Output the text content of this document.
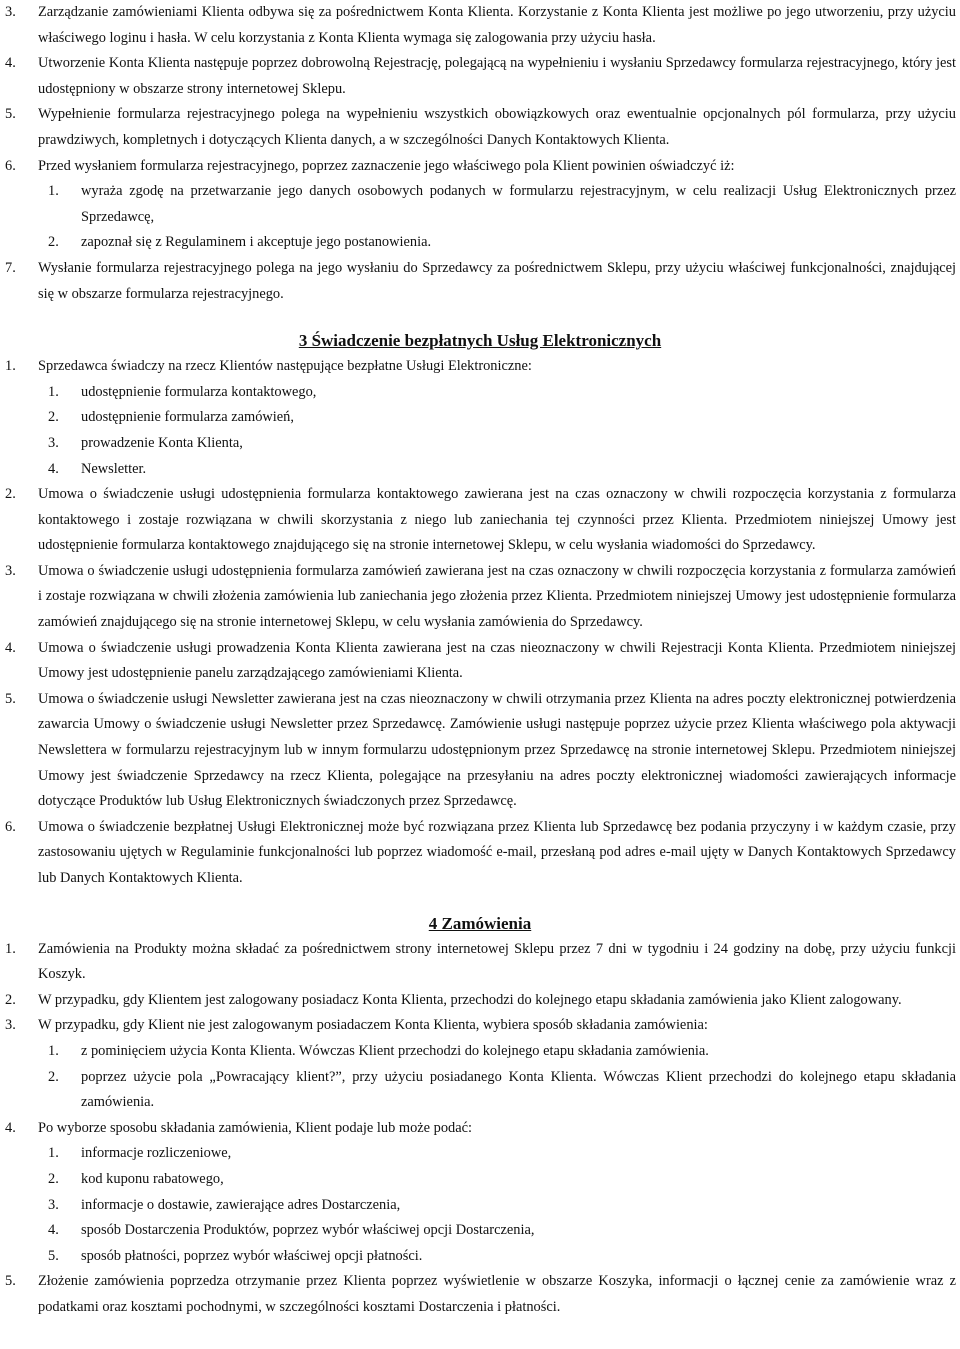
3. Zarządzanie zamówieniami Klienta odbywa się za pośrednictwem Konta Klienta. Korzystanie z Konta Klienta jest możliwe po jego utworzeniu, przy użyciu właściwego loginu i hasła. W celu korzystania z Konta Klienta wymaga się zalogowania przy użyciu hasła.
4. Utworzenie Konta Klienta następuje poprzez dobrowolną Rejestrację, polegającą na wypełnieniu i wysłaniu Sprzedawcy formularza rejestracyjnego, który jest udostępniony w obszarze strony internetowej Sklepu.
5. Wypełnienie formularza rejestracyjnego polega na wypełnieniu wszystkich obowiązkowych oraz ewentualnie opcjonalnych pól formularza, przy użyciu prawdziwych, kompletnych i dotyczących Klienta danych, a w szczególności Danych Kontaktowych Klienta.
6. Przed wysłaniem formularza rejestracyjnego, poprzez zaznaczenie jego właściwego pola Klient powinien oświadczyć iż:
1. wyraża zgodę na przetwarzanie jego danych osobowych podanych w formularzu rejestracyjnym, w celu realizacji Usług Elektronicznych przez Sprzedawcę,
2. zapoznał się z Regulaminem i akceptuje jego postanowienia.
7. Wysłanie formularza rejestracyjnego polega na jego wysłaniu do Sprzedawcy za pośrednictwem Sklepu, przy użyciu właściwej funkcjonalności, znajdującej się w obszarze formularza rejestracyjnego.
3 Świadczenie bezpłatnych Usług Elektronicznych
1. Sprzedawca świadczy na rzecz Klientów następujące bezpłatne Usługi Elektroniczne:
1. udostępnienie formularza kontaktowego,
2. udostępnienie formularza zamówień,
3. prowadzenie Konta Klienta,
4. Newsletter.
2. Umowa o świadczenie usługi udostępnienia formularza kontaktowego zawierana jest na czas oznaczony w chwili rozpoczęcia korzystania z formularza kontaktowego i zostaje rozwiązana w chwili skorzystania z niego lub zaniechania tej czynności przez Klienta. Przedmiotem niniejszej Umowy jest udostępnienie formularza kontaktowego znajdującego się na stronie internetowej Sklepu, w celu wysłania wiadomości do Sprzedawcy.
3. Umowa o świadczenie usługi udostępnienia formularza zamówień zawierana jest na czas oznaczony w chwili rozpoczęcia korzystania z formularza zamówień i zostaje rozwiązana w chwili złożenia zamówienia lub zaniechania jego złożenia przez Klienta. Przedmiotem niniejszej Umowy jest udostępnienie formularza zamówień znajdującego się na stronie internetowej Sklepu, w celu wysłania zamówienia do Sprzedawcy.
4. Umowa o świadczenie usługi prowadzenia Konta Klienta zawierana jest na czas nieoznaczony w chwili Rejestracji Konta Klienta. Przedmiotem niniejszej Umowy jest udostępnienie panelu zarządzającego zamówieniami Klienta.
5. Umowa o świadczenie usługi Newsletter zawierana jest na czas nieoznaczony w chwili otrzymania przez Klienta na adres poczty elektronicznej potwierdzenia zawarcia Umowy o świadczenie usługi Newsletter przez Sprzedawcę. Zamówienie usługi następuje poprzez użycie przez Klienta właściwego pola aktywacji Newslettera w formularzu rejestracyjnym lub w innym formularzu udostępnionym przez Sprzedawcę na stronie internetowej Sklepu. Przedmiotem niniejszej Umowy jest świadczenie Sprzedawcy na rzecz Klienta, polegające na przesyłaniu na adres poczty elektronicznej wiadomości zawierających informacje dotyczące Produktów lub Usług Elektronicznych świadczonych przez Sprzedawcę.
6. Umowa o świadczenie bezpłatnej Usługi Elektronicznej może być rozwiązana przez Klienta lub Sprzedawcę bez podania przyczyny i w każdym czasie, przy zastosowaniu ujętych w Regulaminie funkcjonalności lub poprzez wiadomość e-mail, przesłaną pod adres e-mail ujęty w Danych Kontaktowych Sprzedawcy lub Danych Kontaktowych Klienta.
4 Zamówienia
1. Zamówienia na Produkty można składać za pośrednictwem strony internetowej Sklepu przez 7 dni w tygodniu i 24 godziny na dobę, przy użyciu funkcji Koszyk.
2. W przypadku, gdy Klientem jest zalogowany posiadacz Konta Klienta, przechodzi do kolejnego etapu składania zamówienia jako Klient zalogowany.
3. W przypadku, gdy Klient nie jest zalogowanym posiadaczem Konta Klienta, wybiera sposób składania zamówienia:
1. z pominięciem użycia Konta Klienta. Wówczas Klient przechodzi do kolejnego etapu składania zamówienia.
2. poprzez użycie pola „Powracający klient?”, przy użyciu posiadanego Konta Klienta. Wówczas Klient przechodzi do kolejnego etapu składania zamówienia.
4. Po wyborze sposobu składania zamówienia, Klient podaje lub może podać:
1. informacje rozliczeniowe,
2. kod kuponu rabatowego,
3. informacje o dostawie, zawierające adres Dostarczenia,
4. sposób Dostarczenia Produktów, poprzez wybór właściwej opcji Dostarczenia,
5. sposób płatności, poprzez wybór właściwej opcji płatności.
5. Złożenie zamówienia poprzedza otrzymanie przez Klienta poprzez wyświetlenie w obszarze Koszyka, informacji o łącznej cenie za zamówienie wraz z podatkami oraz kosztami pochodnymi, w szczególności kosztami Dostarczenia i płatności.
